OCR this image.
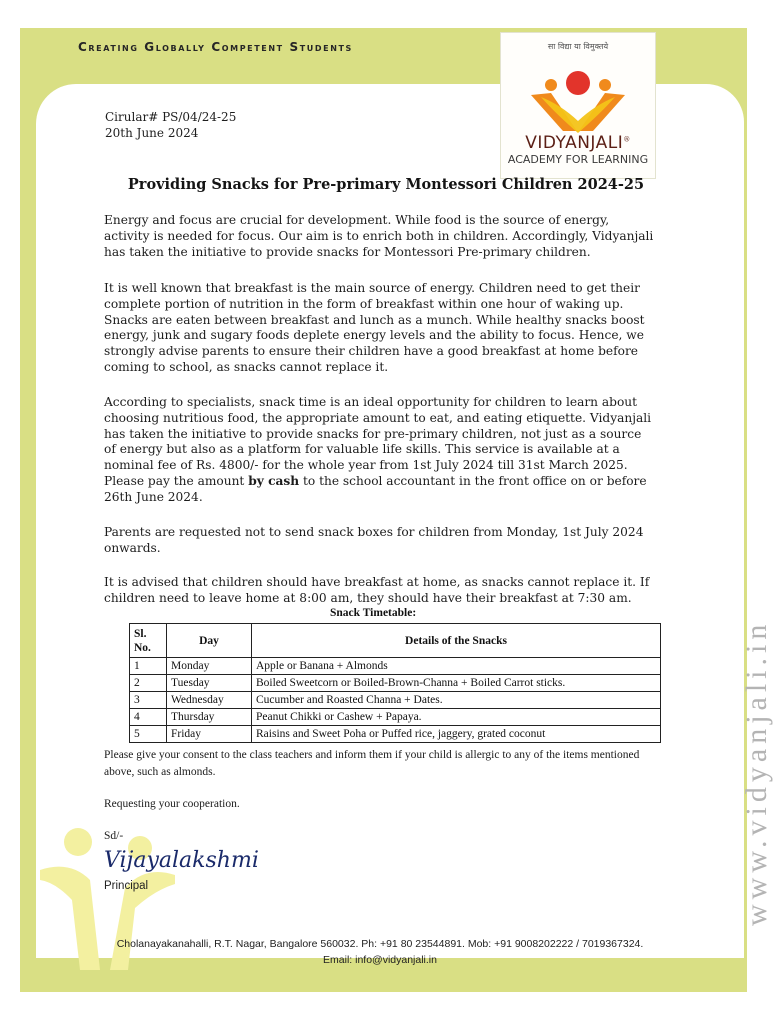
Creating Globally Competent Students	सा विद्या या विमुक्तये
VIDYANJALI®
ACADEMY FOR LEARNING
Cirular# PS/04/24-25
20th June 2024
Providing Snacks for Pre-primary Montessori Children 2024-25
Energy and focus are crucial for development. While food is the source of energy, activity is needed for focus. Our aim is to enrich both in children. Accordingly, Vidyanjali has taken the initiative to provide snacks for Montessori Pre-primary children.
It is well known that breakfast is the main source of energy. Children need to get their complete portion of nutrition in the form of breakfast within one hour of waking up. Snacks are eaten between breakfast and lunch as a munch. While healthy snacks boost energy, junk and sugary foods deplete energy levels and the ability to focus. Hence, we strongly advise parents to ensure their children have a good breakfast at home before coming to school, as snacks cannot replace it.
According to specialists, snack time is an ideal opportunity for children to learn about choosing nutritious food, the appropriate amount to eat, and eating etiquette. Vidyanjali has taken the initiative to provide snacks for pre-primary children, not just as a source of energy but also as a platform for valuable life skills. This service is available at a nominal fee of Rs. 4800/- for the whole year from 1st July 2024 till 31st March 2025. Please pay the amount by cash to the school accountant in the front office on or before 26th June 2024.
Parents are requested not to send snack boxes for children from Monday, 1st July 2024 onwards.
It is advised that children should have breakfast at home, as snacks cannot replace it. If children need to leave home at 8:00 am, they should have their breakfast at 7:30 am.
Snack Timetable:
Sl. No.	Day	Details of the Snacks
1	Monday	Apple or Banana + Almonds
2	Tuesday	Boiled Sweetcorn or Boiled-Brown-Channa + Boiled Carrot sticks.
3	Wednesday	Cucumber and Roasted Channa + Dates.
4	Thursday	Peanut Chikki or Cashew + Papaya.
5	Friday	Raisins and Sweet Poha or Puffed rice, jaggery, grated coconut
Please give your consent to the class teachers and inform them if your child is allergic to any of the items mentioned above, such as almonds.
Requesting your cooperation.
Sd/-
Vijayalakshmi
Principal
Cholanayakanahalli, R.T. Nagar, Bangalore 560032. Ph: +91 80 23544891. Mob: +91 9008202222 / 7019367324.
Email: info@vidyanjali.in
www.vidyanjali.in
